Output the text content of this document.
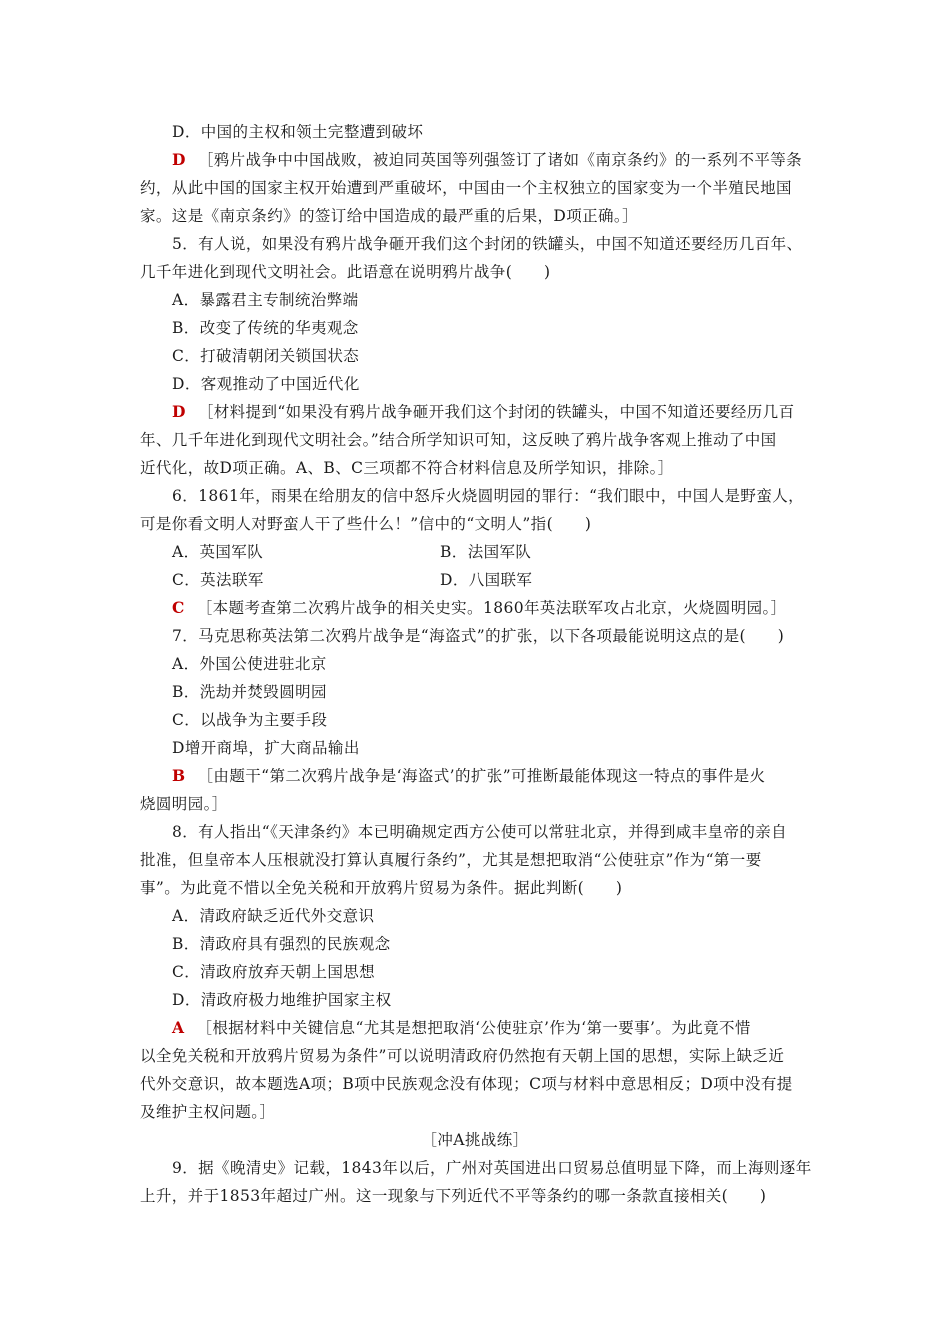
D．中国的主权和领土完整遭到破坏
D ［鸦片战争中中国战败，被迫同英国等列强签订了诸如《南京条约》的一系列不平等条
约，从此中国的国家主权开始遭到严重破坏，中国由一个主权独立的国家变为一个半殖民地国
家。这是《南京条约》的签订给中国造成的最严重的后果，D项正确。］
5．有人说，如果没有鸦片战争砸开我们这个封闭的铁罐头，中国不知道还要经历几百年、
几千年进化到现代文明社会。此语意在说明鸦片战争(　　)
A．暴露君主专制统治弊端
B．改变了传统的华夷观念
C．打破清朝闭关锁国状态
D．客观推动了中国近代化
D ［材料提到“如果没有鸦片战争砸开我们这个封闭的铁罐头，中国不知道还要经历几百
年、几千年进化到现代文明社会。”结合所学知识可知，这反映了鸦片战争客观上推动了中国
近代化，故D项正确。A、B、C三项都不符合材料信息及所学知识，排除。］
6．1861年，雨果在给朋友的信中怒斥火烧圆明园的罪行：“我们眼中，中国人是野蛮人，
可是你看文明人对野蛮人干了些什么！”信中的“文明人”指(　　)
A．英国军队	B．法国军队
C．英法联军	D．八国联军
C ［本题考查第二次鸦片战争的相关史实。1860年英法联军攻占北京，火烧圆明园。］
7．马克思称英法第二次鸦片战争是“海盗式”的扩张，以下各项最能说明这点的是(　　)
A．外国公使进驻北京
B．洗劫并焚毁圆明园
C．以战争为主要手段
D增开商埠，扩大商品输出
B ［由题干“第二次鸦片战争是‘海盗式’的扩张”可推断最能体现这一特点的事件是火
烧圆明园。］
8．有人指出“《天津条约》本已明确规定西方公使可以常驻北京，并得到咸丰皇帝的亲自
批准，但皇帝本人压根就没打算认真履行条约”，尤其是想把取消“公使驻京”作为“第一要
事”。为此竟不惜以全免关税和开放鸦片贸易为条件。据此判断(　　)
A．清政府缺乏近代外交意识
B．清政府具有强烈的民族观念
C．清政府放弃天朝上国思想
D．清政府极力地维护国家主权
A ［根据材料中关键信息“尤其是想把取消‘公使驻京’作为‘第一要事’。为此竟不惜
以全免关税和开放鸦片贸易为条件”可以说明清政府仍然抱有天朝上国的思想，实际上缺乏近
代外交意识，故本题选A项；B项中民族观念没有体现；C项与材料中意思相反；D项中没有提
及维护主权问题。］
［冲A挑战练］
9．据《晚清史》记载，1843年以后，广州对英国进出口贸易总值明显下降，而上海则逐年
上升，并于1853年超过广州。这一现象与下列近代不平等条约的哪一条款直接相关(　　)
